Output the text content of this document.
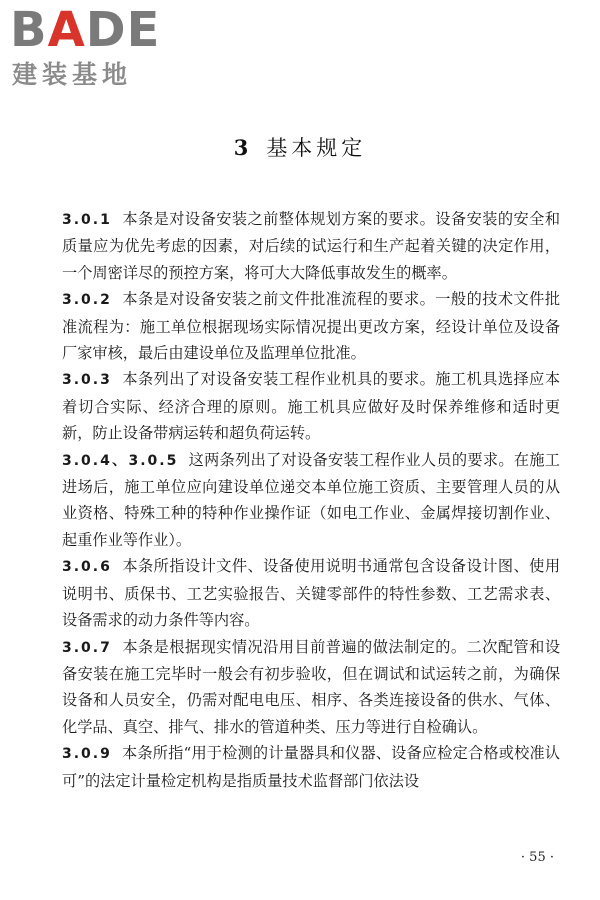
BADE
建装基地
3 基本规定

3.0.1 本条是对设备安装之前整体规划方案的要求。设备安装的安全和质量应为优先考虑的因素，对后续的试运行和生产起着关键的决定作用，一个周密详尽的预控方案，将可大大降低事故发生的概率。

3.0.2 本条是对设备安装之前文件批准流程的要求。一般的技术文件批准流程为：施工单位根据现场实际情况提出更改方案，经设计单位及设备厂家审核，最后由建设单位及监理单位批准。

3.0.3 本条列出了对设备安装工程作业机具的要求。施工机具选择应本着切合实际、经济合理的原则。施工机具应做好及时保养维修和适时更新，防止设备带病运转和超负荷运转。

3.0.4、3.0.5 这两条列出了对设备安装工程作业人员的要求。在施工进场后，施工单位应向建设单位递交本单位施工资质、主要管理人员的从业资格、特殊工种的特种作业操作证（如电工作业、金属焊接切割作业、起重作业等作业）。

3.0.6 本条所指设计文件、设备使用说明书通常包含设备设计图、使用说明书、质保书、工艺实验报告、关键零部件的特性参数、工艺需求表、设备需求的动力条件等内容。

3.0.7 本条是根据现实情况沿用目前普遍的做法制定的。二次配管和设备安装在施工完毕时一般会有初步验收，但在调试和试运转之前，为确保设备和人员安全，仍需对配电电压、相序、各类连接设备的供水、气体、化学品、真空、排气、排水的管道种类、压力等进行自检确认。

3.0.9 本条所指“用于检测的计量器具和仪器、设备应检定合格或校准认可”的法定计量检定机构是指质量技术监督部门依法设

· 55 ·
